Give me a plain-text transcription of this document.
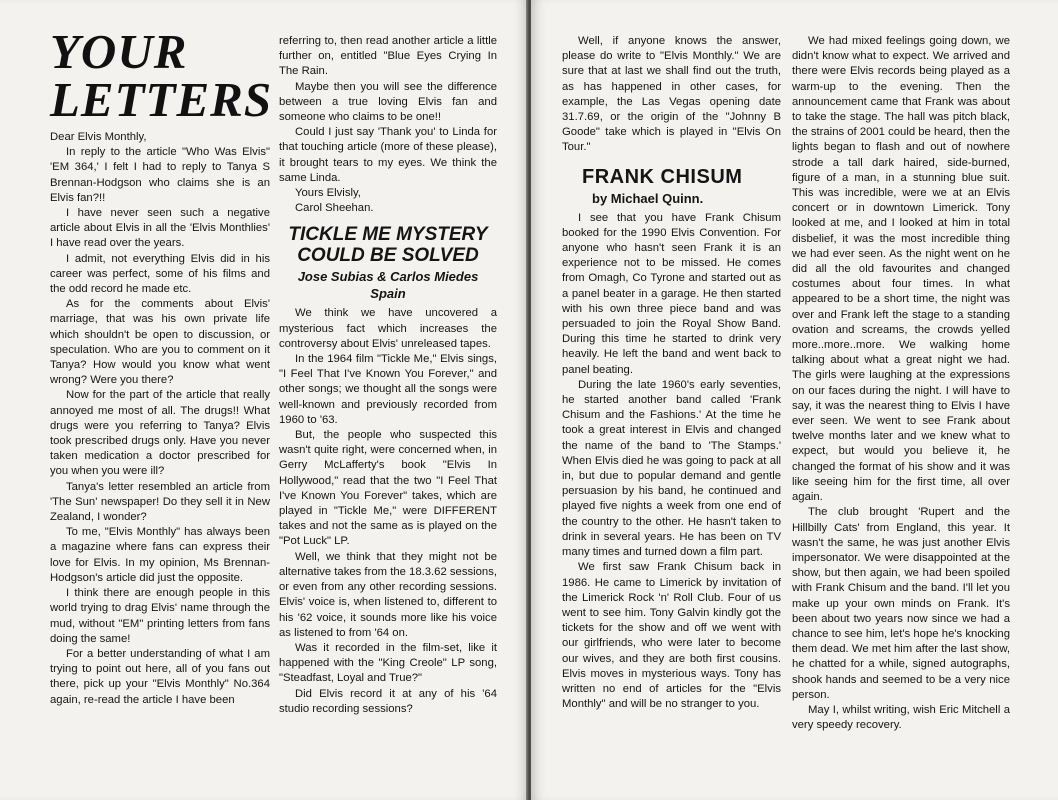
YOUR
LETTERS

Dear Elvis Monthly,

In reply to the article "Who Was Elvis" 'EM 364,' I felt I had to reply to Tanya S Brennan-Hodgson who claims she is an Elvis fan?!!

I have never seen such a negative article about Elvis in all the 'Elvis Monthlies' I have read over the years.

I admit, not everything Elvis did in his career was perfect, some of his films and the odd record he made etc.

As for the comments about Elvis' marriage, that was his own private life which shouldn't be open to discussion, or speculation. Who are you to comment on it Tanya? How would you know what went wrong? Were you there?

Now for the part of the article that really annoyed me most of all. The drugs!! What drugs were you referring to Tanya? Elvis took prescribed drugs only. Have you never taken medication a doctor prescribed for you when you were ill?

Tanya's letter resembled an article from 'The Sun' newspaper! Do they sell it in New Zealand, I wonder?

To me, "Elvis Monthly" has always been a magazine where fans can express their love for Elvis. In my opinion, Ms Brennan-Hodgson's article did just the opposite.

I think there are enough people in this world trying to drag Elvis' name through the mud, without "EM" printing letters from fans doing the same!

For a better understanding of what I am trying to point out here, all of you fans out there, pick up your "Elvis Monthly" No.364 again, re-read the article I have been

referring to, then read another article a little further on, entitled "Blue Eyes Crying In The Rain.

Maybe then you will see the difference between a true loving Elvis fan and someone who claims to be one!!

Could I just say 'Thank you' to Linda for that touching article (more of these please), it brought tears to my eyes. We think the same Linda.

Yours Elvisly,

Carol Sheehan.

TICKLE ME MYSTERY COULD BE SOLVED
Jose Subias & Carlos Miedes Spain

We think we have uncovered a mysterious fact which increases the controversy about Elvis' unreleased tapes.

In the 1964 film "Tickle Me," Elvis sings, "I Feel That I've Known You Forever," and other songs; we thought all the songs were well-known and previously recorded from 1960 to '63.

But, the people who suspected this wasn't quite right, were concerned when, in Gerry McLafferty's book "Elvis In Hollywood," read that the two "I Feel That I've Known You Forever" takes, which are played in "Tickle Me," were DIFFERENT takes and not the same as is played on the "Pot Luck" LP.

Well, we think that they might not be alternative takes from the 18.3.62 sessions, or even from any other recording sessions. Elvis' voice is, when listened to, different to his '62 voice, it sounds more like his voice as listened to from '64 on.

Was it recorded in the film-set, like it happened with the "King Creole" LP song, "Steadfast, Loyal and True?"

Did Elvis record it at any of his '64 studio recording sessions?

Well, if anyone knows the answer, please do write to "Elvis Monthly." We are sure that at last we shall find out the truth, as has happened in other cases, for example, the Las Vegas opening date 31.7.69, or the origin of the "Johnny B Goode" take which is played in "Elvis On Tour."

FRANK CHISUM
by Michael Quinn.

I see that you have Frank Chisum booked for the 1990 Elvis Convention. For anyone who hasn't seen Frank it is an experience not to be missed. He comes from Omagh, Co Tyrone and started out as a panel beater in a garage. He then started with his own three piece band and was persuaded to join the Royal Show Band. During this time he started to drink very heavily. He left the band and went back to panel beating.

During the late 1960's early seventies, he started another band called 'Frank Chisum and the Fashions.' At the time he took a great interest in Elvis and changed the name of the band to 'The Stamps.' When Elvis died he was going to pack at all in, but due to popular demand and gentle persuasion by his band, he continued and played five nights a week from one end of the country to the other. He hasn't taken to drink in several years. He has been on TV many times and turned down a film part.

We first saw Frank Chisum back in 1986. He came to Limerick by invitation of the Limerick Rock 'n' Roll Club. Four of us went to see him. Tony Galvin kindly got the tickets for the show and off we went with our girlfriends, who were later to become our wives, and they are both first cousins. Elvis moves in mysterious ways. Tony has written no end of articles for the "Elvis Monthly" and will be no stranger to you.

We had mixed feelings going down, we didn't know what to expect. We arrived and there were Elvis records being played as a warm-up to the evening. Then the announcement came that Frank was about to take the stage. The hall was pitch black, the strains of 2001 could be heard, then the lights began to flash and out of nowhere strode a tall dark haired, side-burned, figure of a man, in a stunning blue suit. This was incredible, were we at an Elvis concert or in downtown Limerick. Tony looked at me, and I looked at him in total disbelief, it was the most incredible thing we had ever seen. As the night went on he did all the old favourites and changed costumes about four times. In what appeared to be a short time, the night was over and Frank left the stage to a standing ovation and screams, the crowds yelled more..more..more. We walking home talking about what a great night we had. The girls were laughing at the expressions on our faces during the night. I will have to say, it was the nearest thing to Elvis I have ever seen. We went to see Frank about twelve months later and we knew what to expect, but would you believe it, he changed the format of his show and it was like seeing him for the first time, all over again.

The club brought 'Rupert and the Hillbilly Cats' from England, this year. It wasn't the same, he was just another Elvis impersonator. We were disappointed at the show, but then again, we had been spoiled with Frank Chisum and the band. I'll let you make up your own minds on Frank. It's been about two years now since we had a chance to see him, let's hope he's knocking them dead. We met him after the last show, he chatted for a while, signed autographs, shook hands and seemed to be a very nice person.

May I, whilst writing, wish Eric Mitchell a very speedy recovery.
